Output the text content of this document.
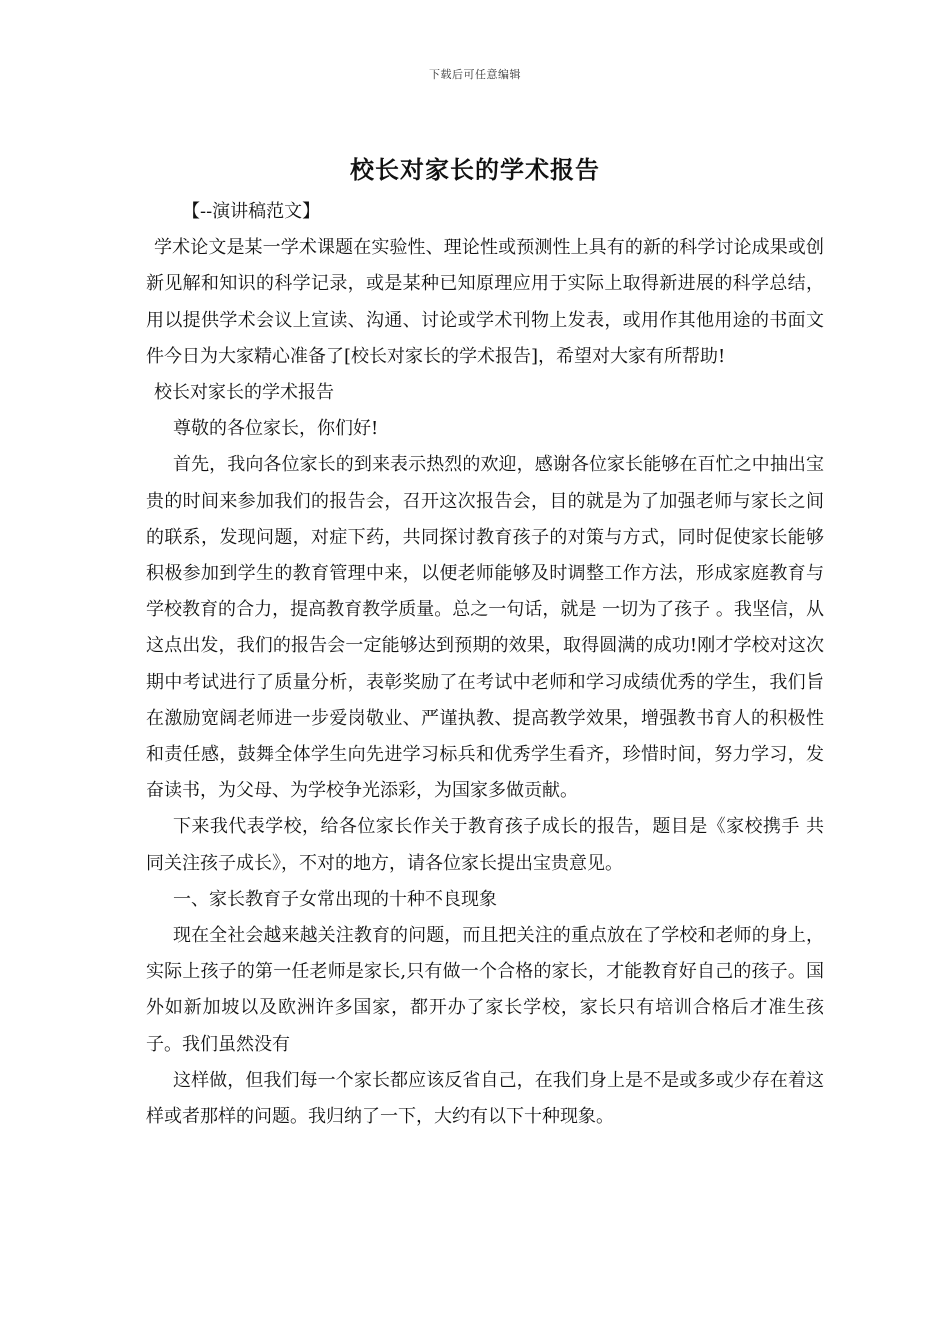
下载后可任意编辑
校长对家长的学术报告

【--演讲稿范文】

学术论文是某一学术课题在实验性、理论性或预测性上具有的新的科学讨论成果或创新见解和知识的科学记录，或是某种已知原理应用于实际上取得新进展的科学总结，用以提供学术会议上宣读、沟通、讨论或学术刊物上发表，或用作其他用途的书面文件今日为大家精心准备了[校长对家长的学术报告]，希望对大家有所帮助!

校长对家长的学术报告

尊敬的各位家长，你们好!

首先，我向各位家长的到来表示热烈的欢迎，感谢各位家长能够在百忙之中抽出宝贵的时间来参加我们的报告会，召开这次报告会，目的就是为了加强老师与家长之间的联系，发现问题，对症下药，共同探讨教育孩子的对策与方式，同时促使家长能够积极参加到学生的教育管理中来，以便老师能够及时调整工作方法，形成家庭教育与学校教育的合力，提高教育教学质量。总之一句话，就是 一切为了孩子 。我坚信，从这点出发，我们的报告会一定能够达到预期的效果，取得圆满的成功!刚才学校对这次期中考试进行了质量分析，表彰奖励了在考试中老师和学习成绩优秀的学生，我们旨在激励宽阔老师进一步爱岗敬业、严谨执教、提高教学效果，增强教书育人的积极性和责任感，鼓舞全体学生向先进学习标兵和优秀学生看齐，珍惜时间，努力学习，发奋读书，为父母、为学校争光添彩，为国家多做贡献。

下来我代表学校，给各位家长作关于教育孩子成长的报告，题目是《家校携手 共同关注孩子成长》，不对的地方，请各位家长提出宝贵意见。

一、家长教育子女常出现的十种不良现象

现在全社会越来越关注教育的问题，而且把关注的重点放在了学校和老师的身上，实际上孩子的第一任老师是家长,只有做一个合格的家长，才能教育好自己的孩子。国外如新加坡以及欧洲许多国家，都开办了家长学校，家长只有培训合格后才准生孩子。我们虽然没有

这样做，但我们每一个家长都应该反省自己，在我们身上是不是或多或少存在着这样或者那样的问题。我归纳了一下，大约有以下十种现象。
